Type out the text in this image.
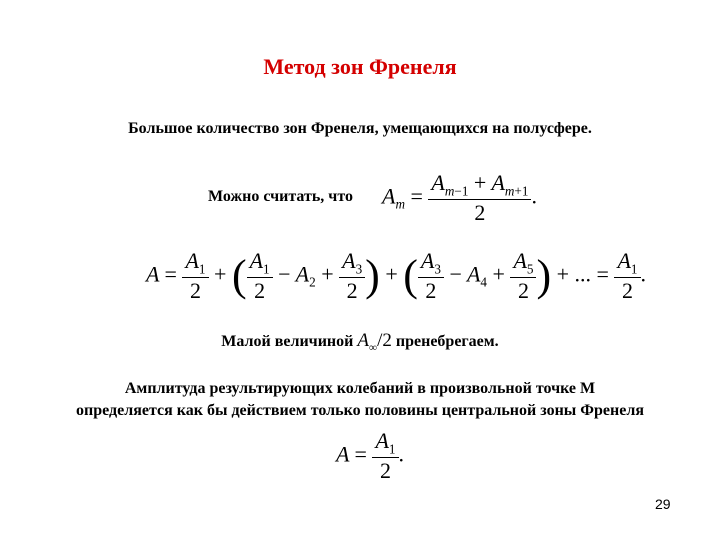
Метод зон Френеля
Большое количество зон Френеля, умещающихся на полусфере.
Можно считать, что $A_m = \frac{A_{m-1} + A_{m+1}}{2}$ .
$A = \frac{A_1}{2}$ + ( $\frac{A_1}{2} - A_2 + \frac{A_3}{2}$ ) + ( $\frac{A_3}{2} - A_4 + \frac{A_5}{2}$ ) + ... = $\frac{A_1}{2}$ .
Малой величиной $A_\infty/2$ пренебрегаем.
Амплитуда результирующих колебаний в произвольной точке M
определяется как бы действием только половины центральной зоны Френеля
$A = \frac{A_1}{2}$ .
29
